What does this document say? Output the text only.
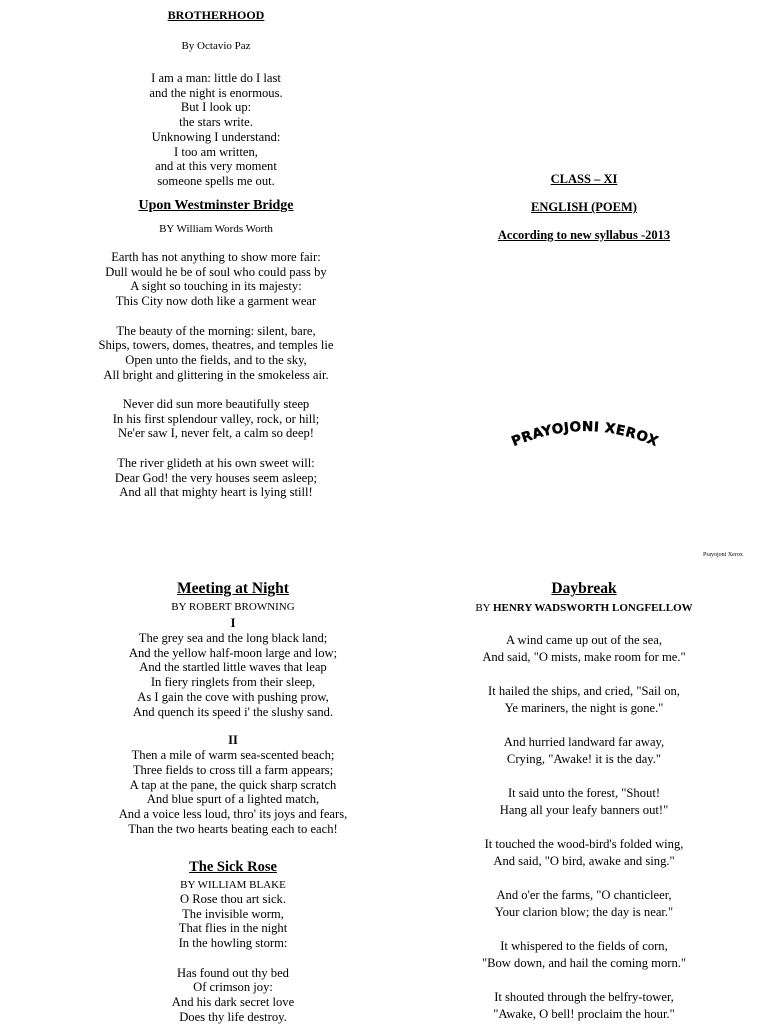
BROTHERHOOD
By Octavio Paz
I am a man: little do I last
and the night is enormous.
But I look up:
the stars write.
Unknowing I understand:
I too am written,
and at this very moment
someone spells me out.
Upon Westminster Bridge
BY William Words Worth
Earth has not anything to show more fair:
Dull would he be of soul who could pass by
A sight so touching in its majesty:
This City now doth like a garment wear
The beauty of the morning: silent, bare,
Ships, towers, domes, theatres, and temples lie
Open unto the fields, and to the sky,
All bright and glittering in the smokeless air.
Never did sun more beautifully steep
In his first splendour valley, rock, or hill;
Ne'er saw I, never felt, a calm so deep!
The river glideth at his own sweet will:
Dear God! the very houses seem asleep;
And all that mighty heart is lying still!
CLASS – XI
ENGLISH (POEM)
According to new syllabus -2013
PRAYOJONI XEROX
Prayojoni Xerox
Meeting at Night
BY ROBERT BROWNING
I
The grey sea and the long black land;
And the yellow half-moon large and low;
And the startled little waves that leap
In fiery ringlets from their sleep,
As I gain the cove with pushing prow,
And quench its speed i' the slushy sand.
II
Then a mile of warm sea-scented beach;
Three fields to cross till a farm appears;
A tap at the pane, the quick sharp scratch
And blue spurt of a lighted match,
And a voice less loud, thro' its joys and fears,
Than the two hearts beating each to each!
The Sick Rose
BY WILLIAM BLAKE
O Rose thou art sick.
The invisible worm,
That flies in the night
In the howling storm:
Has found out thy bed
Of crimson joy:
And his dark secret love
Does thy life destroy.
Daybreak
BY HENRY WADSWORTH LONGFELLOW
A wind came up out of the sea,
And said, "O mists, make room for me."
It hailed the ships, and cried, "Sail on,
Ye mariners, the night is gone."
And hurried landward far away,
Crying, "Awake! it is the day."
It said unto the forest, "Shout!
Hang all your leafy banners out!"
It touched the wood-bird's folded wing,
And said, "O bird, awake and sing."
And o'er the farms, "O chanticleer,
Your clarion blow; the day is near."
It whispered to the fields of corn,
"Bow down, and hail the coming morn."
It shouted through the belfry-tower,
"Awake, O bell! proclaim the hour."
